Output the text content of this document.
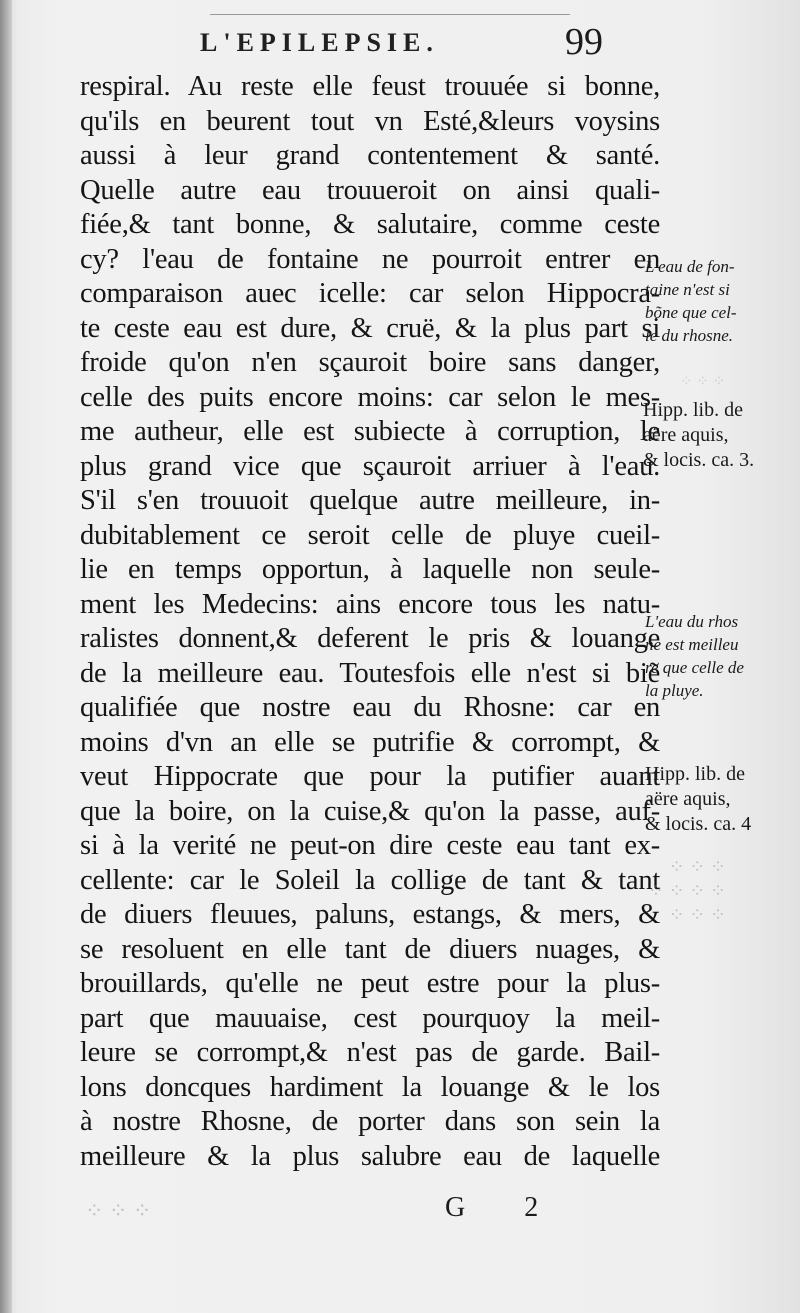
L'EPILEPSIE.	99
respiral. Au reste elle feust trouuée si bonne,
qu'ils en beurent tout vn Esté,&leurs voysins
aussi à leur grand contentement & santé.
Quelle autre eau trouueroit on ainsi quali-
fiée,& tant bonne, & salutaire, comme ceste
cy? l'eau de fontaine ne pourroit entrer en
comparaison auec icelle: car selon Hippocra-
te ceste eau est dure, & cruë, & la plus part si
froide qu'on n'en sçauroit boire sans danger,
celle des puits encore moins: car selon le mes-
me autheur, elle est subiecte à corruption, le
plus grand vice que sçauroit arriuer à l'eau.
S'il s'en trouuoit quelque autre meilleure, in-
dubitablement ce seroit celle de pluye cueil-
lie en temps opportun, à laquelle non seule-
ment les Medecins: ains encore tous les natu-
ralistes donnent,& deferent le pris & louange
de la meilleure eau. Toutesfois elle n'est si biẽ
qualifiée que nostre eau du Rhosne: car en
moins d'vn an elle se putrifie & corrompt, &
veut Hippocrate que pour la putifier auant
que la boire, on la cuise,& qu'on la passe, auf-
si à la verité ne peut-on dire ceste eau tant ex-
cellente: car le Soleil la collige de tant & tant
de diuers fleuues, paluns, estangs, & mers, &
se resoluent en elle tant de diuers nuages, &
brouillards, qu'elle ne peut estre pour la plus-
part que mauuaise, cest pourquoy la meil-
leure se corrompt,& n'est pas de garde. Bail-
lons doncques hardiment la louange & le los
à nostre Rhosne, de porter dans son sein la
meilleure & la plus salubre eau de laquelle
L'eau de fon-
taine n'est si
bõne que cel-
le du rhosne.
Hipp. lib. de
aëre aquis,
& locis. ca. 3.
L'eau du rhos
ne est meilleu
re que celle de
la pluye.
Hipp. lib. de
aëre aquis,
& locis. ca. 4
G 2
⁘ ⁘ ⁘
⁘ ⁘ ⁘ ⁘
⁘ ⁘ ⁘
⁘ ⁘ ⁘
⁘ ⁘ ⁘
